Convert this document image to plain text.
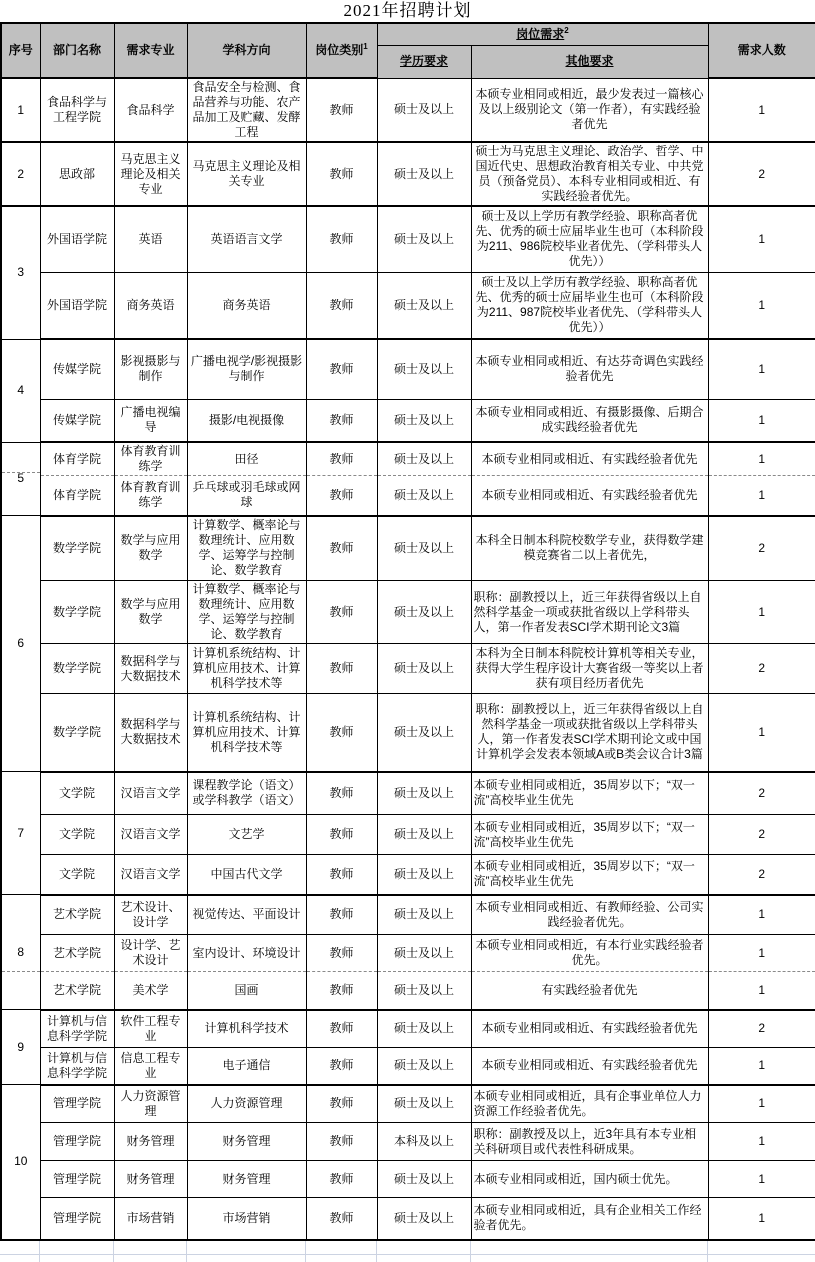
2021年招聘计划
序号	部门名称	需求专业	学科方向	岗位类别$^1$	岗位需求$^2$		需求人数
					学历要求	其他要求	
1	食品科学与工程学院	食品科学	食品安全与检测、食品营养与功能、农产品加工及贮藏、发酵工程	教师	硕士及以上	本硕专业相同或相近，最少发表过一篇核心及以上级别论文（第一作者），有实践经验者优先	1
2	思政部	马克思主义理论及相关专业	马克思主义理论及相关专业	教师	硕士及以上	硕士为马克思主义理论、政治学、哲学、中国近代史、思想政治教育相关专业、中共党员（预备党员）、本科专业相同或相近、有实践经验者优先。	2
3	外国语学院	英语	英语语言文学	教师	硕士及以上	硕士及以上学历有教学经验、职称高者优先、优秀的硕士应届毕业生也可（本科阶段为211、986院校毕业者优先、（学科带头人优先））	1
	外国语学院	商务英语	商务英语	教师	硕士及以上	硕士及以上学历有教学经验、职称高者优先、优秀的硕士应届毕业生也可（本科阶段为211、987院校毕业者优先、（学科带头人优先））	1
4	传媒学院	影视摄影与制作	广播电视学/影视摄影与制作	教师	硕士及以上	本硕专业相同或相近、有达芬奇调色实践经验者优先	1
	传媒学院	广播电视编导	摄影/电视摄像	教师	硕士及以上	本硕专业相同或相近、有摄影摄像、后期合成实践经验者优先	1
5	体育学院	体育教育训练学	田径	教师	硕士及以上	本硕专业相同或相近、有实践经验者优先	1
	体育学院	体育教育训练学	乒乓球或羽毛球或网球	教师	硕士及以上	本硕专业相同或相近、有实践经验者优先	1
6	数学学院	数学与应用数学	计算数学、概率论与数理统计、应用数学、运筹学与控制论、数学教育	教师	硕士及以上	本科全日制本科院校数学专业，获得数学建模竞赛省二以上者优先，	2
	数学学院	数学与应用数学	计算数学、概率论与数理统计、应用数学、运筹学与控制论、数学教育	教师	硕士及以上	职称：副教授以上，近三年获得省级以上自然科学基金一项或获批省级以上学科带头人，第一作者发表SCI学术期刊论文3篇	1
	数学学院	数据科学与大数据技术	计算机系统结构、计算机应用技术、计算机科学技术等	教师	硕士及以上	本科为全日制本科院校计算机等相关专业，获得大学生程序设计大赛省级一等奖以上者获有项目经历者优先	2
	数学学院	数据科学与大数据技术	计算机系统结构、计算机应用技术、计算机科学技术等	教师	硕士及以上	职称：副教授以上，近三年获得省级以上自然科学基金一项或获批省级以上学科带头人，第一作者发表SCI学术期刊论文或中国计算机学会发表本领域A或B类会议合计3篇	1
7	文学院	汉语言文学	课程教学论（语文）或学科教学（语文）	教师	硕士及以上	本硕专业相同或相近，35周岁以下；“双一流”高校毕业生优先	2
	文学院	汉语言文学	文艺学	教师	硕士及以上	本硕专业相同或相近，35周岁以下；“双一流”高校毕业生优先	2
	文学院	汉语言文学	中国古代文学	教师	硕士及以上	本硕专业相同或相近，35周岁以下；“双一流”高校毕业生优先	2
8	艺术学院	艺术设计、设计学	视觉传达、平面设计	教师	硕士及以上	本硕专业相同或相近、有教师经验、公司实践经验者优先。	1
	艺术学院	设计学、艺术设计	室内设计、环境设计	教师	硕士及以上	本硕专业相同或相近，有本行业实践经验者优先。	1
	艺术学院	美术学	国画	教师	硕士及以上	有实践经验者优先	1
9	计算机与信息科学学院	软件工程专业	计算机科学技术	教师	硕士及以上	本硕专业相同或相近、有实践经验者优先	2
	计算机与信息科学学院	信息工程专业	电子通信	教师	硕士及以上	本硕专业相同或相近、有实践经验者优先	1
10	管理学院	人力资源管理	人力资源管理	教师	硕士及以上	本硕专业相同或相近，具有企事业单位人力资源工作经验者优先。	1
	管理学院	财务管理	财务管理	教师	本科及以上	职称：副教授及以上，近3年具有本专业相关科研项目或代表性科研成果。	1
	管理学院	财务管理	财务管理	教师	硕士及以上	本硕专业相同或相近，国内硕士优先。	1
	管理学院	市场营销	市场营销	教师	硕士及以上	本硕专业相同或相近，具有企业相关工作经验者优先。	1
